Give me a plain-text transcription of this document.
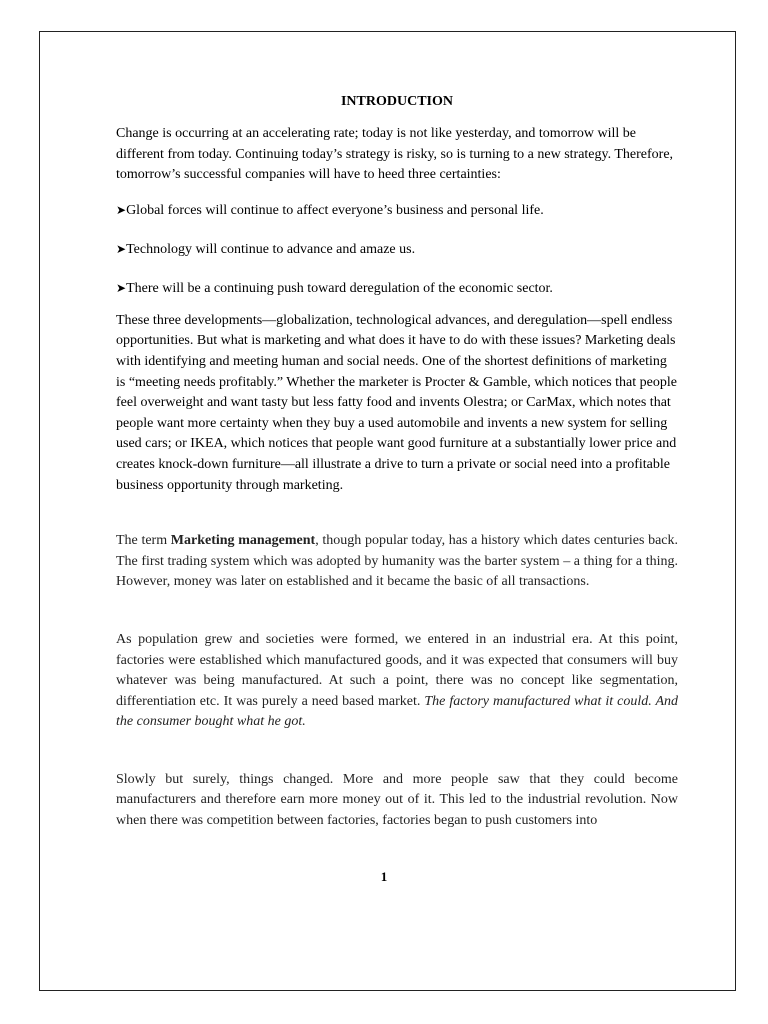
INTRODUCTION

Change is occurring at an accelerating rate; today is not like yesterday, and tomorrow will be different from today. Continuing today’s strategy is risky, so is turning to a new strategy. Therefore, tomorrow’s successful companies will have to heed three certainties:

➤Global forces will continue to affect everyone’s business and personal life.

➤Technology will continue to advance and amaze us.

➤There will be a continuing push toward deregulation of the economic sector.

These three developments—globalization, technological advances, and deregulation—spell endless opportunities. But what is marketing and what does it have to do with these issues? Marketing deals with identifying and meeting human and social needs. One of the shortest definitions of marketing is “meeting needs profitably.” Whether the marketer is Procter & Gamble, which notices that people feel overweight and want tasty but less fatty food and invents Olestra; or CarMax, which notes that people want more certainty when they buy a used automobile and invents a new system for selling used cars; or IKEA, which notices that people want good furniture at a substantially lower price and creates knock-down furniture—all illustrate a drive to turn a private or social need into a profitable business opportunity through marketing.

The term Marketing management, though popular today, has a history which dates centuries back. The first trading system which was adopted by humanity was the barter system – a thing for a thing. However, money was later on established and it became the basic of all transactions.

As population grew and societies were formed, we entered in an industrial era. At this point, factories were established which manufactured goods, and it was expected that consumers will buy whatever was being manufactured. At such a point, there was no concept like segmentation, differentiation etc. It was purely a need based market. The factory manufactured what it could. And the consumer bought what he got.

Slowly but surely, things changed. More and more people saw that they could become manufacturers and therefore earn more money out of it. This led to the industrial revolution. Now when there was competition between factories, factories began to push customers into

1
